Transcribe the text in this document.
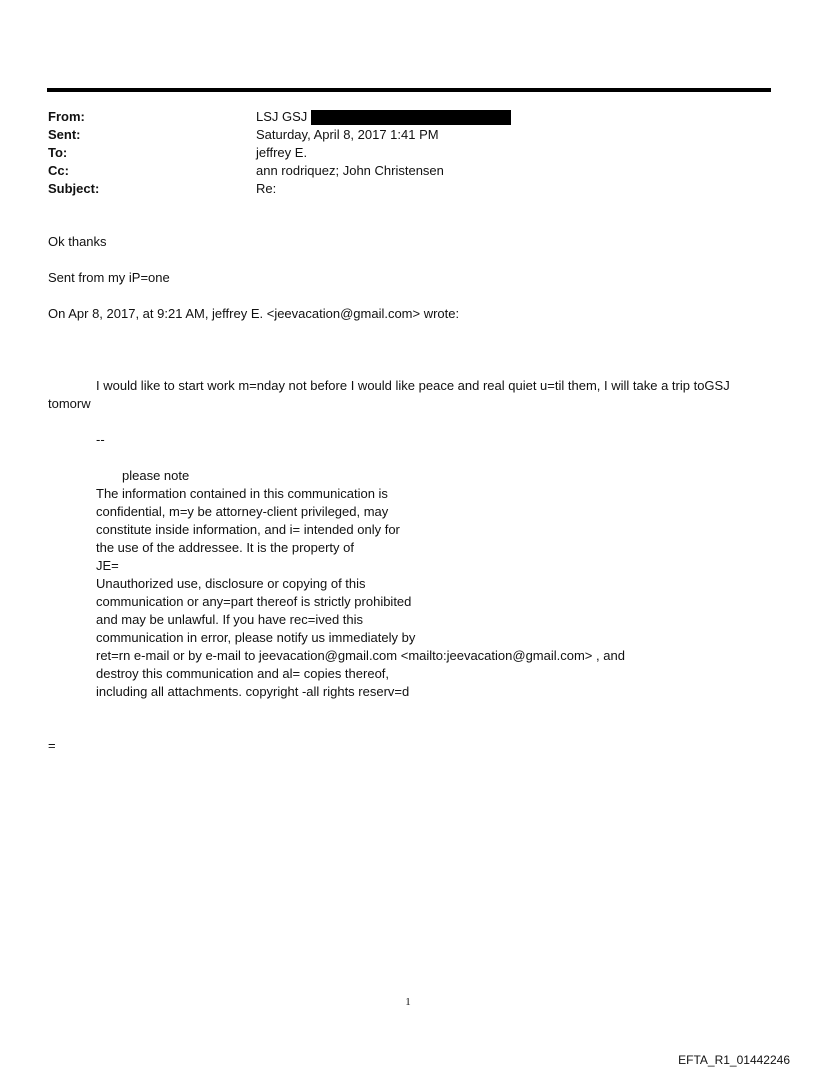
From:	LSJ GSJ
Sent:	Saturday, April 8, 2017 1:41 PM
To:	jeffrey E.
Cc:	ann rodriquez; John Christensen
Subject:	Re:

Ok thanks

Sent from my iP=one

On Apr 8, 2017, at 9:21 AM, jeffrey E. <jeevacation@gmail.com> wrote:

I would like to start work m=nday not before I would like peace and real quiet u=til them, I will take a trip toGSJ tomorw

--
please note
The information contained in this communication is
confidential, m=y be attorney-client privileged, may
constitute inside information, and i= intended only for
the use of the addressee. It is the property of
JE=
Unauthorized use, disclosure or copying of this
communication or any=part thereof is strictly prohibited
and may be unlawful. If you have rec=ived this
communication in error, please notify us immediately by
ret=rn e-mail or by e-mail to jeevacation@gmail.com <mailto:jeevacation@gmail.com> , and
destroy this communication and al= copies thereof,
including all attachments. copyright -all rights reserv=d

=

1
EFTA_R1_01442246
